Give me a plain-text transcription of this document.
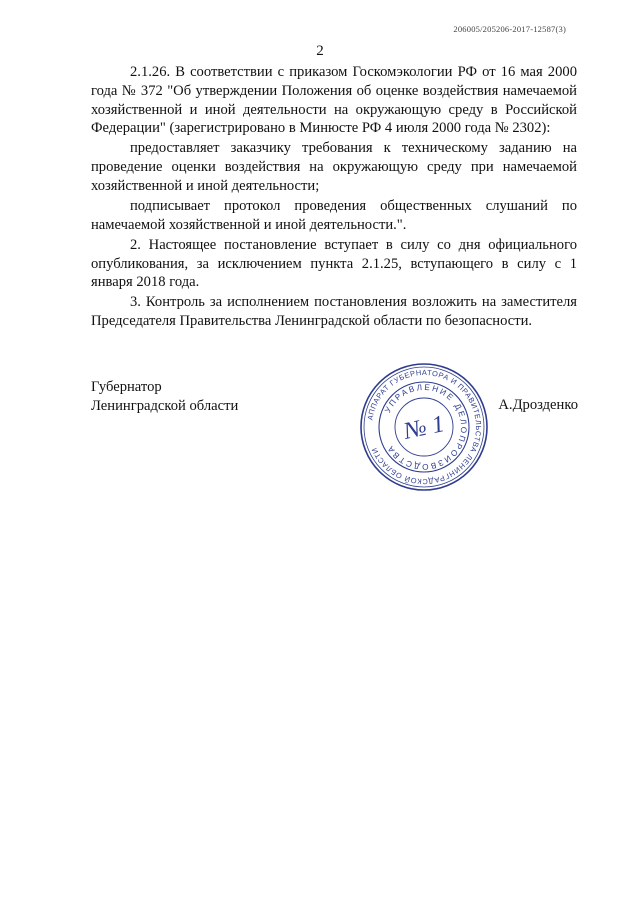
206005/205206-2017-12587(3)
2

2.1.26. В соответствии с приказом Госкомэкологии РФ от 16 мая 2000 года № 372 "Об утверждении Положения об оценке воздействия намечаемой хозяйственной и иной деятельности на окружающую среду в Российской Федерации" (зарегистрировано в Минюсте РФ 4 июля 2000 года № 2302):

предоставляет заказчику требования к техническому заданию на проведение оценки воздействия на окружающую среду при намечаемой хозяйственной и иной деятельности;

подписывает протокол проведения общественных слушаний по намечаемой хозяйственной и иной деятельности.".

2. Настоящее постановление вступает в силу со дня официального опубликования, за исключением пункта 2.1.25, вступающего в силу с 1 января 2018 года.

3. Контроль за исполнением постановления возложить на заместителя Председателя Правительства Ленинградской области по безопасности.

Губернатор
Ленинградской области
АППАРАТ ГУБЕРНАТОРА И ПРАВИТЕЛЬСТВА ЛЕНИНГРАДСКОЙ ОБЛАСТИ
УПРАВЛЕНИЕ ДЕЛОПРОИЗВОДСТВА
№ 1
А.Дрозденко
